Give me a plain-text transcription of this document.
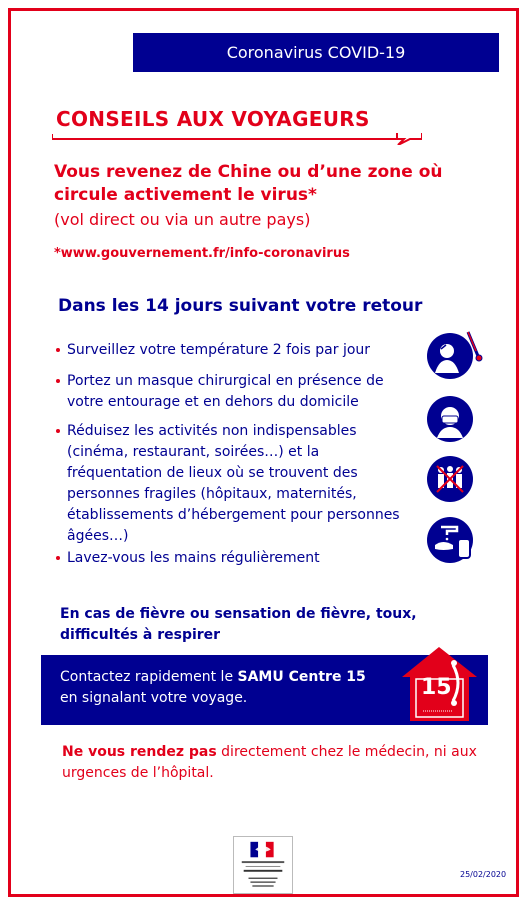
Coronavirus COVID-19
CONSEILS AUX VOYAGEURS
Vous revenez de Chine ou d’une zone où circule activement le virus*
(vol direct ou via un autre pays)
*www.gouvernement.fr/info-coronavirus
Dans les 14 jours suivant votre retour
Surveillez votre température 2 fois par jour
Portez un masque chirurgical en présence de votre entourage et en dehors du domicile
Réduisez les activités non indispensables (cinéma, restaurant, soirées…) et la fréquentation de lieux où se trouvent des personnes fragiles (hôpitaux, maternités, établissements d’hébergement pour personnes âgées…)
Lavez-vous les mains régulièrement
En cas de fièvre ou sensation de fièvre, toux, difficultés à respirer
Contactez rapidement le SAMU Centre 15
en signalant votre voyage.	15
Ne vous rendez pas directement chez le médecin, ni aux urgences de l’hôpital.
25/02/2020
